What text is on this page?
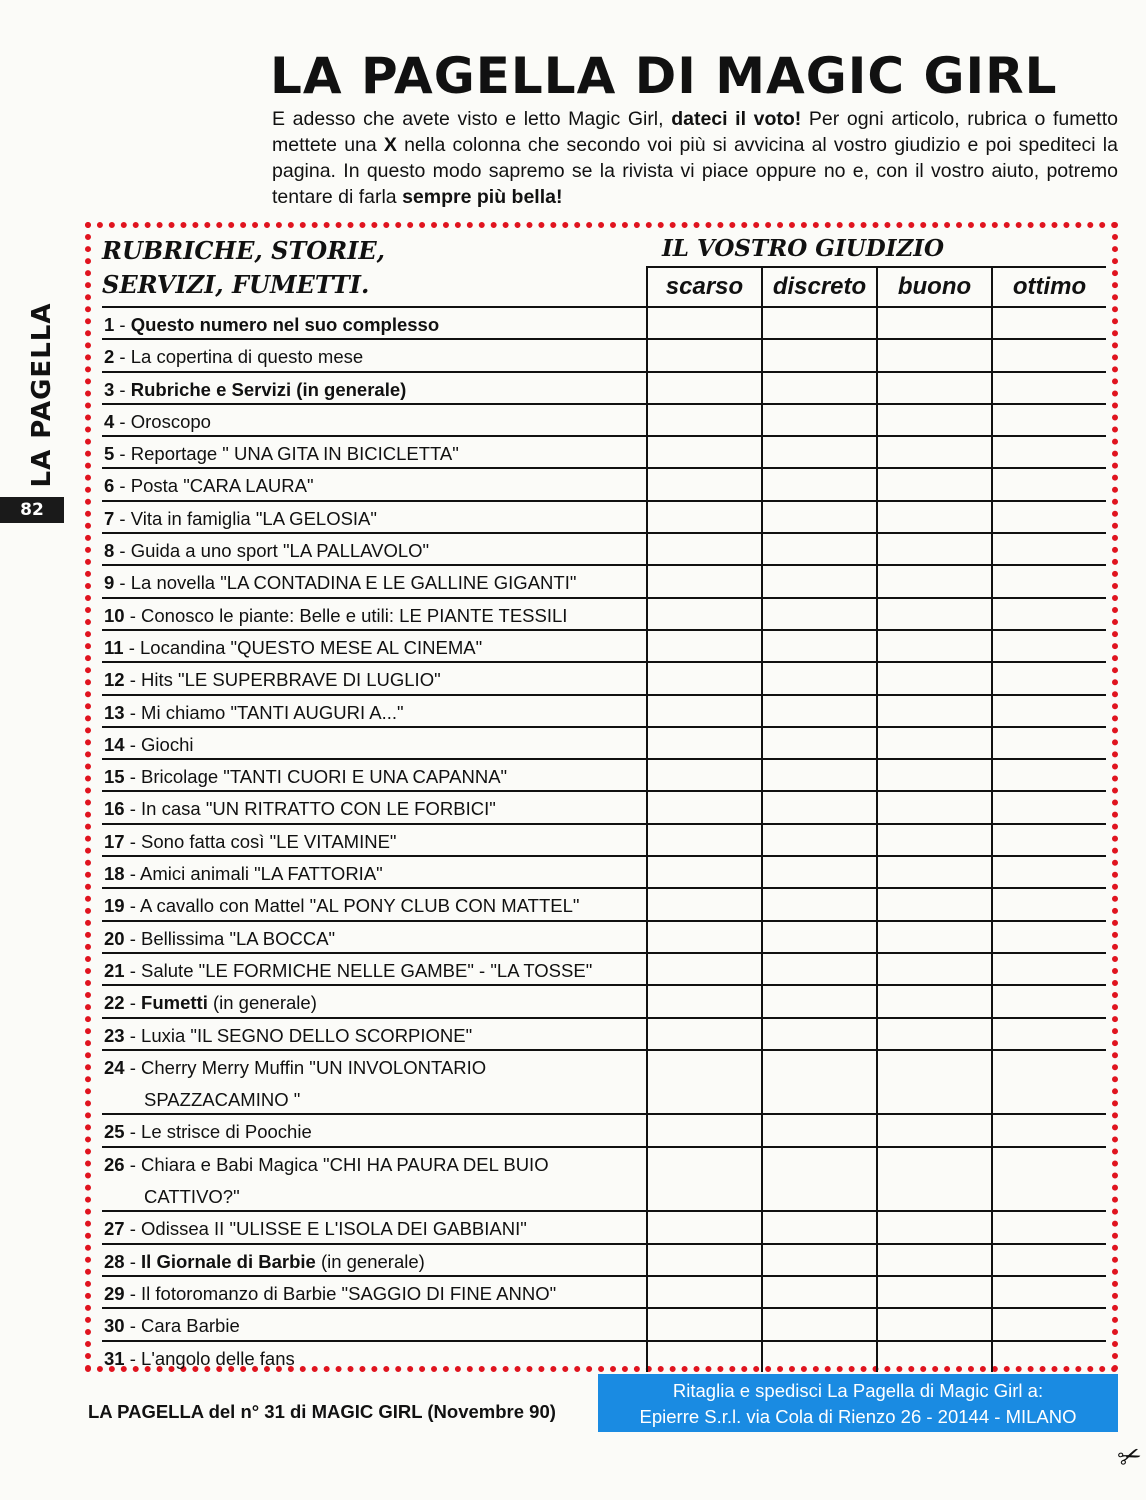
LA PAGELLA
82
LA PAGELLA DI MAGIC GIRL

E adesso che avete visto e letto Magic Girl, dateci il voto! Per ogni articolo, rubrica o fumetto mettete una X nella colonna che secondo voi più si avvicina al vostro giudizio e poi spediteci la pagina. In questo modo sapremo se la rivista vi piace oppure no e, con il vostro aiuto, potremo tentare di farla sempre più bella!

RUBRICHE, STORIE,
SERVIZI, FUMETTI.
IL VOSTRO GIUDIZIO
scarso	discreto	buono	ottimo
1 - Questo numero nel suo complesso
2 - La copertina di questo mese
3 - Rubriche e Servizi (in generale)
4 - Oroscopo
5 - Reportage " UNA GITA IN BICICLETTA"
6 - Posta "CARA LAURA"
7 - Vita in famiglia "LA GELOSIA"
8 - Guida a uno sport "LA PALLAVOLO"
9 - La novella "LA CONTADINA E LE GALLINE GIGANTI"
10 - Conosco le piante: Belle e utili: LE PIANTE TESSILI
11 - Locandina "QUESTO MESE AL CINEMA"
12 - Hits "LE SUPERBRAVE DI LUGLIO"
13 - Mi chiamo "TANTI AUGURI A..."
14 - Giochi
15 - Bricolage "TANTI CUORI E UNA CAPANNA"
16 - In casa "UN RITRATTO CON LE FORBICI"
17 - Sono fatta così "LE VITAMINE"
18 - Amici animali "LA FATTORIA"
19 - A cavallo con Mattel "AL PONY CLUB CON MATTEL"
20 - Bellissima "LA BOCCA"
21 - Salute "LE FORMICHE NELLE GAMBE" - "LA TOSSE"
22 - Fumetti (in generale)
23 - Luxia "IL SEGNO DELLO SCORPIONE"
24 - Cherry Merry Muffin "UN INVOLONTARIO
SPAZZACAMINO "
25 - Le strisce di Poochie
26 - Chiara e Babi Magica "CHI HA PAURA DEL BUIO
CATTIVO?"
27 - Odissea II "ULISSE E L'ISOLA DEI GABBIANI"
28 - Il Giornale di Barbie (in generale)
29 - Il fotoromanzo di Barbie "SAGGIO DI FINE ANNO"
30 - Cara Barbie
31 - L'angolo delle fans
LA PAGELLA del n° 31 di MAGIC GIRL (Novembre 90)
Ritaglia e spedisci La Pagella di Magic Girl a:
Epierre S.r.l. via Cola di Rienzo 26 - 20144 - MILANO
✂
